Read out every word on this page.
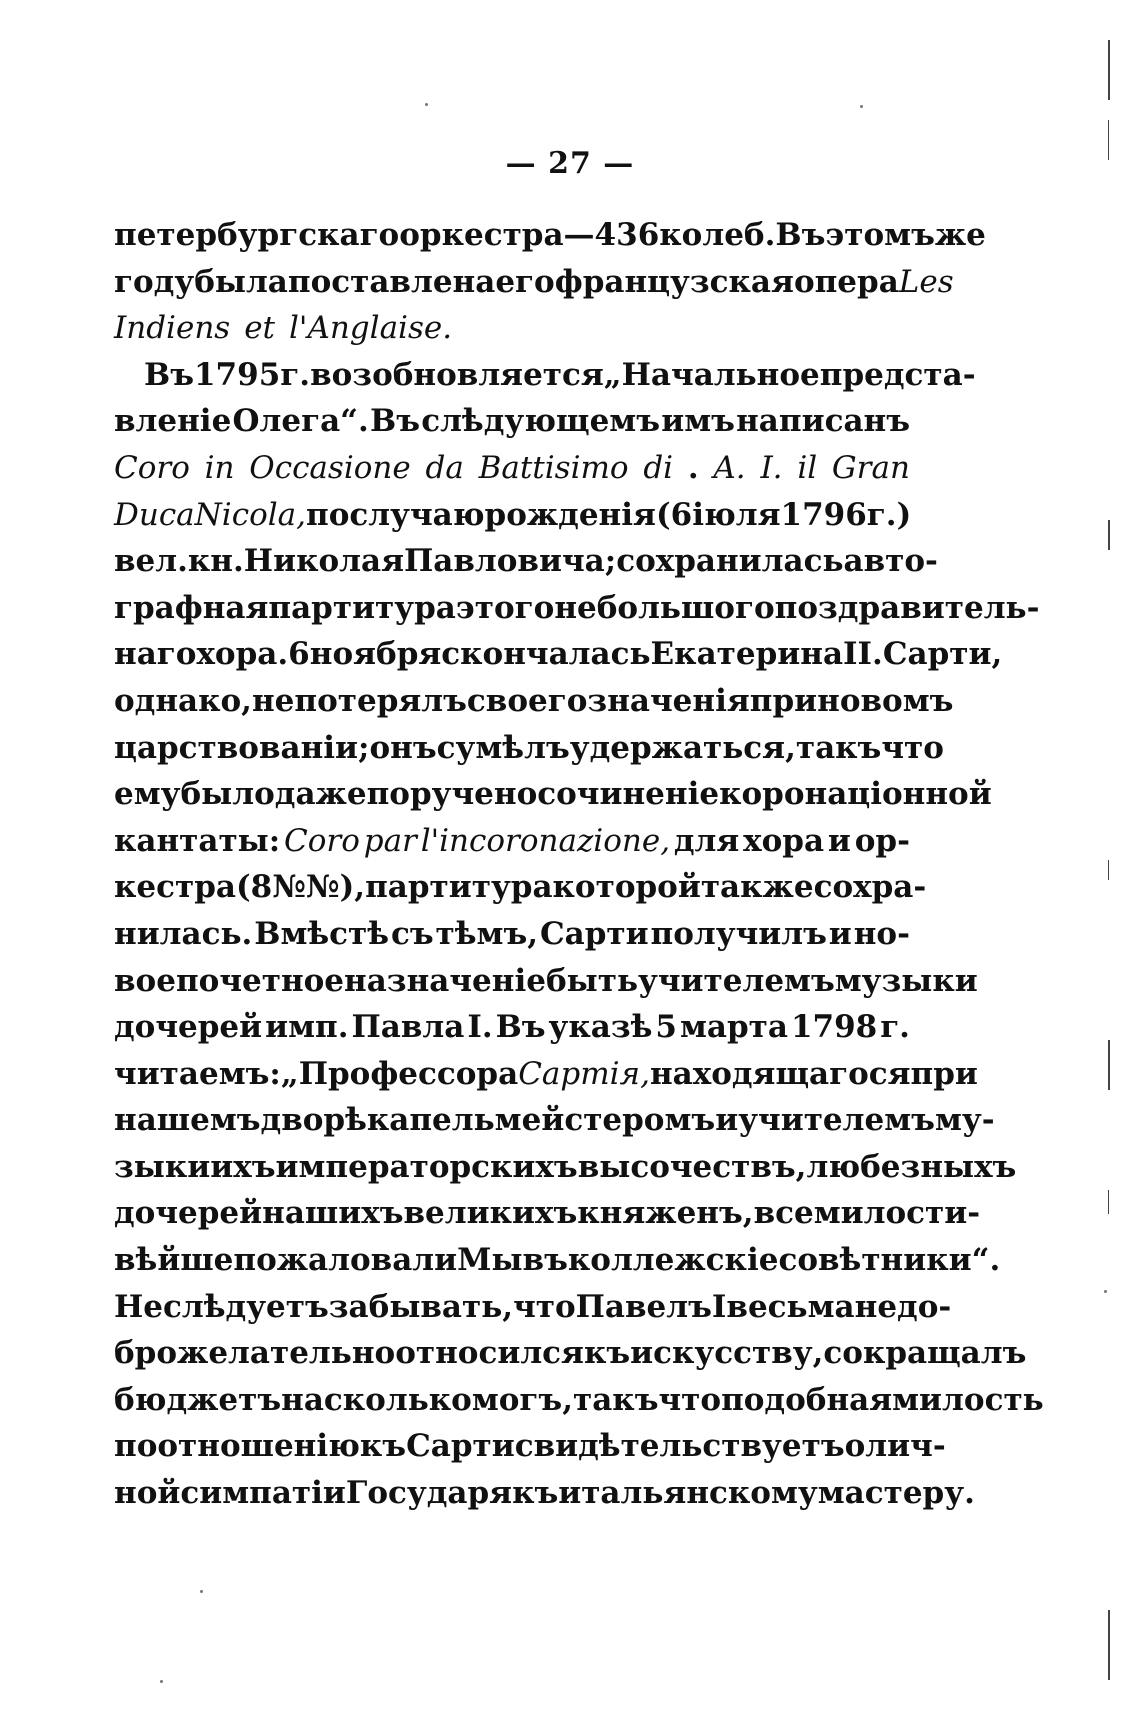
— 27 —
петербургскаго оркестра—436 колеб. Въ этомъ же
году была поставлена его французская опера Les
Indiens et l'Anglaise.
Въ 1795 г. возобновляется „Начальное предста-
вленіе Олега“. Въ слѣдующемъ имъ написанъ
Coro in Occasione da Battisimo di . A. I. il Gran
Duca Nicola, по случаю рожденія (6 іюля 1796 г.)
вел. кн. Николая Павловича; сохранилась авто-
графная партитура этого небольшого поздравитель-
наго хора. 6 ноября скончалась Екатерина II. Сарти,
однако, не потерялъ своего значенія при новомъ
царствованіи; онъ сумѣлъ удержаться, такъ что
ему было даже поручено сочиненіе коронаціонной
кантаты: Coro par l'incoronazione, для хора и ор-
кестра (8 №№), партитура которой также сохра-
нилась. Вмѣстѣ съ тѣмъ, Сарти получилъ и но-
вое почетное назначеніе быть учителемъ музыки
дочерей имп. Павла I. Въ указѣ 5 марта 1798 г.
читаемъ: „Профессора Сартія, находящагося при
нашемъ дворѣ капельмейстеромъ и учителемъ му-
зыки ихъ императорскихъ высочествъ, любезныхъ
дочерей нашихъ великихъ княженъ, всемилости-
вѣйше пожаловали Мы въ коллежскіе совѣтники“.
Не слѣдуетъ забывать, что Павелъ I весьма недо-
брожелательно относился къ искусству, сокращалъ
бюджетъ насколько могъ, такъ что подобная милость
по отношенію къ Сарти свидѣтельствуетъ о лич-
ной симпатіи Государя къ итальянскому мастеру.
